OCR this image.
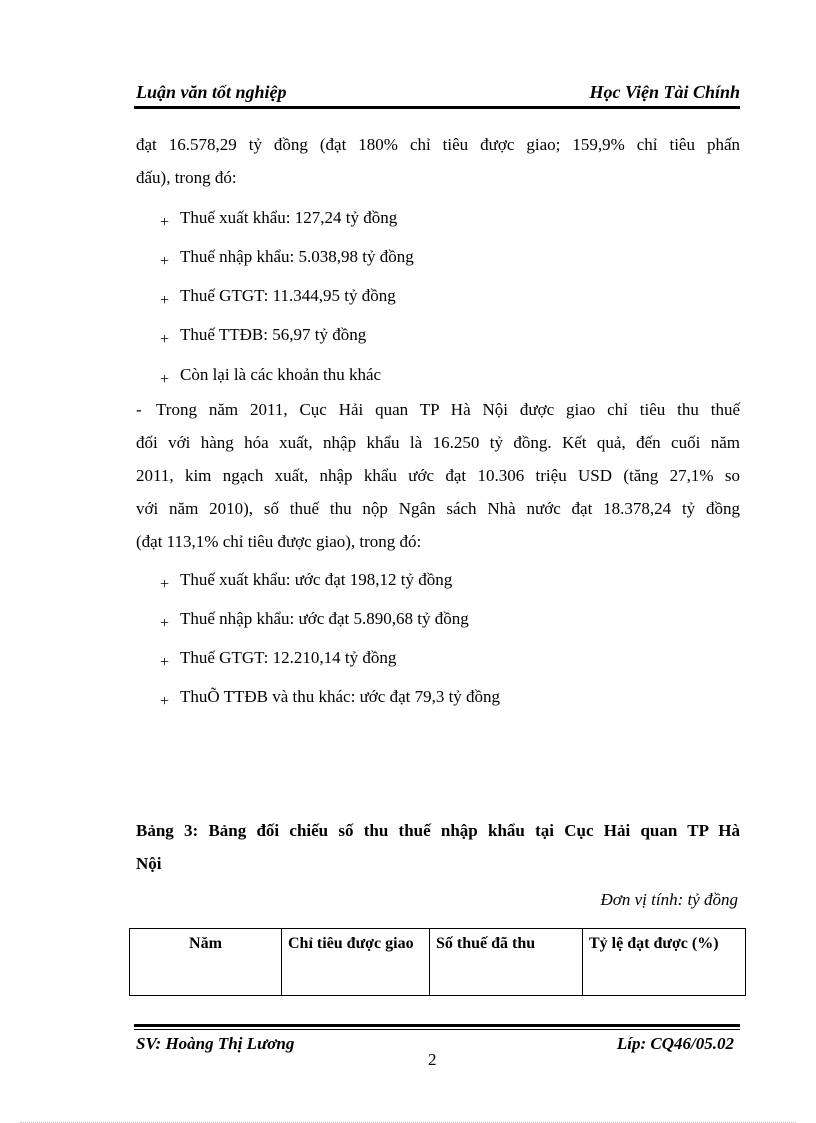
Luận văn tốt nghiệp	Học Viện Tài Chính
đạt 16.578,29 tỷ đồng (đạt 180% chỉ tiêu được giao; 159,9% chỉ tiêu phấn
đấu), trong đó:
+ Thuế xuất khẩu: 127,24 tỷ đồng
+ Thuế nhập khẩu: 5.038,98 tỷ đồng
+ Thuế GTGT: 11.344,95 tỷ đồng
+ Thuế TTĐB: 56,97 tỷ đồng
+ Còn lại là các khoản thu khác
- Trong năm 2011, Cục Hải quan TP Hà Nội được giao chỉ tiêu thu thuế
đối với hàng hóa xuất, nhập khẩu là 16.250 tỷ đồng. Kết quả, đến cuối năm
2011, kim ngạch xuất, nhập khẩu ước đạt 10.306 triệu USD (tăng 27,1% so
với năm 2010), số thuế thu nộp Ngân sách Nhà nước đạt 18.378,24 tỷ đồng
(đạt 113,1% chỉ tiêu được giao), trong đó:
+ Thuế xuất khẩu: ước đạt 198,12 tỷ đồng
+ Thuế nhập khẩu: ước đạt 5.890,68 tỷ đồng
+ Thuế GTGT: 12.210,14 tỷ đồng
+ ThuÕ TTĐB và thu khác: ước đạt 79,3 tỷ đồng
Bảng 3: Bảng đối chiếu số thu thuế nhập khẩu tại Cục Hải quan TP Hà
Nội
Đơn vị tính: tỷ đồng
Năm	Chỉ tiêu được giao	Số thuế đã thu	Tỷ lệ đạt được (%)
SV: Hoàng Thị Lương	Líp: CQ46/05.02
2
